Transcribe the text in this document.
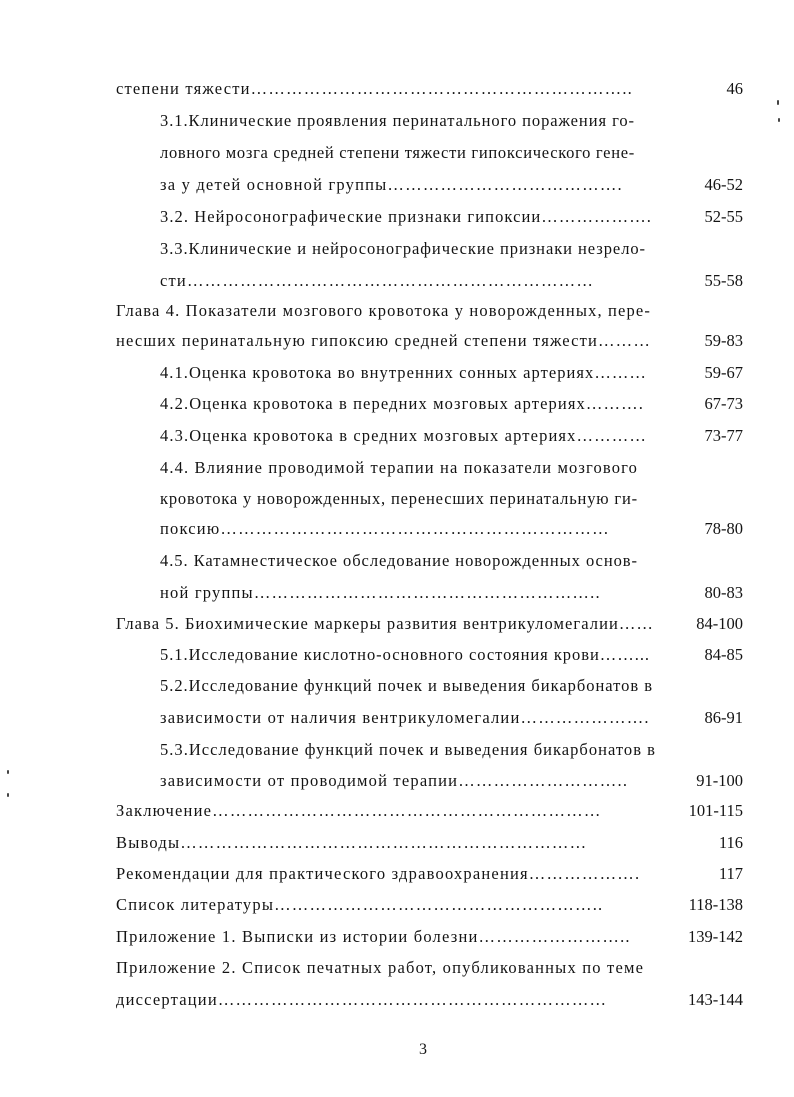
степени тяжести………………………………………………………..	46
3.1.Клинические проявления перинатального поражения го-
ловного мозга средней степени тяжести гипоксического гене-
за у детей основной группы………………………………….	46-52
3.2. Нейросонографические признаки гипоксии……………….	52-55
3.3.Клинические и нейросонографические признаки незрело-
сти……………………………………………………………	55-58
Глава 4. Показатели мозгового кровотока у новорожденных, пере-
несших перинатальную гипоксию средней степени тяжести………	59-83
4.1.Оценка кровотока во внутренних сонных артериях………	59-67
4.2.Оценка кровотока в передних мозговых артериях……….	67-73
4.3.Оценка кровотока в средних мозговых артериях…………	73-77
4.4. Влияние проводимой терапии на показатели мозгового
кровотока у новорожденных, перенесших перинатальную ги-
поксию…………………………………………………………	78-80
4.5. Катамнестическое обследование новорожденных основ-
ной группы…………………………………………………..	80-83
Глава 5. Биохимические маркеры развития вентрикуломегалии……	84-100
5.1.Исследование кислотно-основного состояния крови……...	84-85
5.2.Исследование функций почек и выведения бикарбонатов в
зависимости от наличия вентрикуломегалии………………….	86-91
5.3.Исследование функций почек и выведения бикарбонатов в
зависимости от проводимой терапии………………………..	91-100
Заключение…………………………………………………………	101-115
Выводы……………………………………………………………	116
Рекомендации для практического здравоохранения……………….	117
Список литературы………………………………………………..	118-138
Приложение 1. Выписки из истории болезни……………………..	139-142
Приложение 2. Список печатных работ, опубликованных по теме
диссертации…………………………………………………………	143-144
3
